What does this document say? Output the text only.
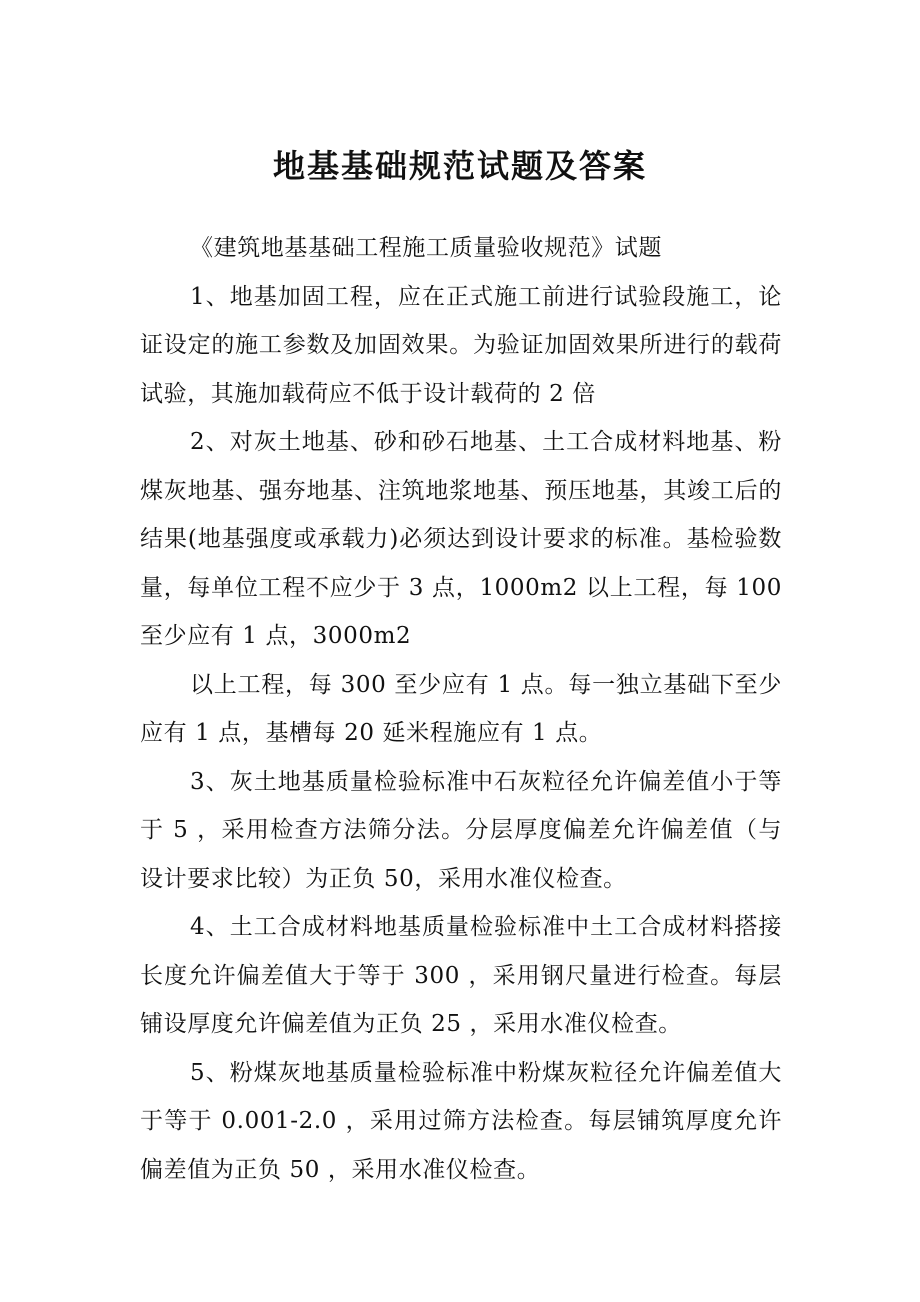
地基基础规范试题及答案

《建筑地基基础工程施工质量验收规范》试题

1、地基加固工程，应在正式施工前进行试验段施工，论证设定的施工参数及加固效果。为验证加固效果所进行的载荷试验，其施加载荷应不低于设计载荷的 2 倍

2、对灰土地基、砂和砂石地基、土工合成材料地基、粉煤灰地基、强夯地基、注筑地浆地基、预压地基，其竣工后的结果(地基强度或承载力)必须达到设计要求的标准。基检验数量，每单位工程不应少于 3 点，1000m2 以上工程，每 100 至少应有 1 点，3000m2

以上工程，每 300 至少应有 1 点。每一独立基础下至少应有 1 点，基槽每 20 延米程施应有 1 点。

3、灰土地基质量检验标准中石灰粒径允许偏差值小于等于 5 ，采用检查方法筛分法。分层厚度偏差允许偏差值（与设计要求比较）为正负 50，采用水准仪检查。

4、土工合成材料地基质量检验标准中土工合成材料搭接长度允许偏差值大于等于 300 ，采用钢尺量进行检查。每层铺设厚度允许偏差值为正负 25 ，采用水准仪检查。

5、粉煤灰地基质量检验标准中粉煤灰粒径允许偏差值大于等于 0.001-2.0 ，采用过筛方法检查。每层铺筑厚度允许偏差值为正负 50 ，采用水准仪检查。
